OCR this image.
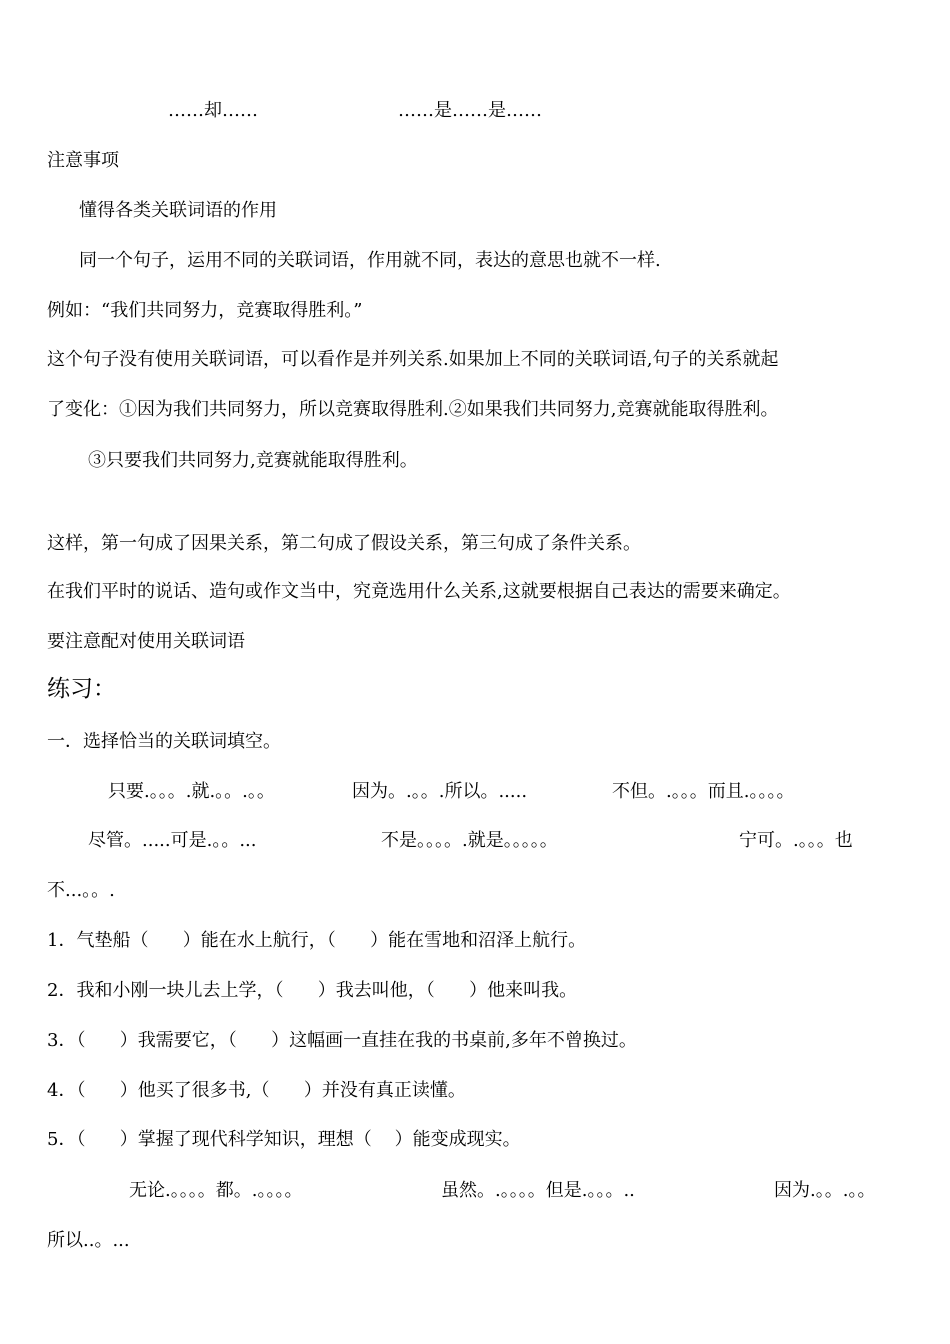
……却……	……是……是……
注意事项
懂得各类关联词语的作用
同一个句子，运用不同的关联词语，作用就不同，表达的意思也就不一样.
例如：“我们共同努力，竞赛取得胜利。”
这个句子没有使用关联词语，可以看作是并列关系.如果加上不同的关联词语,句子的关系就起
了变化：①因为我们共同努力，所以竞赛取得胜利.②如果我们共同努力,竞赛就能取得胜利。
③只要我们共同努力,竞赛就能取得胜利。
这样，第一句成了因果关系，第二句成了假设关系，第三句成了条件关系。
在我们平时的说话、造句或作文当中，究竟选用什么关系,这就要根据自己表达的需要来确定。
要注意配对使用关联词语
练习：
一．选择恰当的关联词填空。
只要.。。。.就.。。.。。	因为。.。。.所以。.....	不但。.。。。而且.。。。。
尽管。.....可是.。。...	不是。。。。.就是。。。。。	宁可。.。。。也
不...。。.
1．气垫船（      ）能在水上航行，（      ）能在雪地和沼泽上航行。
2．我和小刚一块儿去上学，（      ）我去叫他，（      ）他来叫我。
3．（      ）我需要它，（      ）这幅画一直挂在我的书桌前,多年不曾换过。
4．（      ）他买了很多书,（      ）并没有真正读懂。
5．（      ）掌握了现代科学知识，理想（    ）能变成现实。
无论.。。。。都。.。。。。	虽然。.。。。。但是.。。。..	因为.。。.。。
所以..。...
